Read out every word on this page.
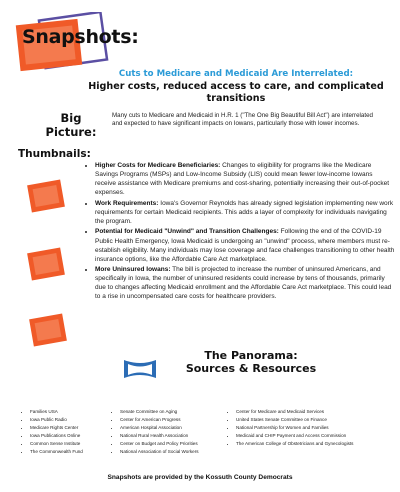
Snapshots:
Cuts to Medicare and Medicaid Are Interrelated:
Higher costs, reduced access to care, and complicated transitions
Big Picture:
Many cuts to Medicare and Medicaid in H.R. 1 ("The One Big Beautiful Bill Act") are interrelated and expected to have significant impacts on Iowans, particularly those with lower incomes.
Thumbnails:
• Higher Costs for Medicare Beneficiaries: Changes to eligibility for programs like the Medicare Savings Programs (MSPs) and Low-Income Subsidy (LIS) could mean fewer low-income Iowans receive assistance with Medicare premiums and cost-sharing, potentially increasing their out-of-pocket expenses.
• Work Requirements: Iowa's Governor Reynolds has already signed legislation implementing new work requirements for certain Medicaid recipients. This adds a layer of complexity for individuals navigating the program.
• Potential for Medicaid "Unwind" and Transition Challenges: Following the end of the COVID-19 Public Health Emergency, Iowa Medicaid is undergoing an "unwind" process, where members must re-establish eligibility. Many individuals may lose coverage and face challenges transitioning to other health insurance options, like the Affordable Care Act marketplace.
• More Uninsured Iowans: The bill is projected to increase the number of uninsured Americans, and specifically in Iowa, the number of uninsured residents could increase by tens of thousands, primarily due to changes affecting Medicaid enrollment and the Affordable Care Act marketplace. This could lead to a rise in uncompensated care costs for healthcare providers.
The Panorama:
Sources & Resources
• Families USA
• Iowa Public Radio
• Medicare Rights Center
• Iowa Publications Online
• Common Sense Institute
• The Commonwealth Fund
• Senate Committee on Aging
• Center for American Progress
• American Hospital Association
• National Rural Health Association
• Center on Budget and Policy Priorities
• National Association of Social Workers
• Center for Medicare and Medicaid Services
• United States Senate Committee on Finance
• National Partnership for Women and Families
• Medicaid and CHIP Payment and Access Commission
• The American College of Obstetricians and Gynecologists
Snapshots are provided by the Kossuth County Democrats
